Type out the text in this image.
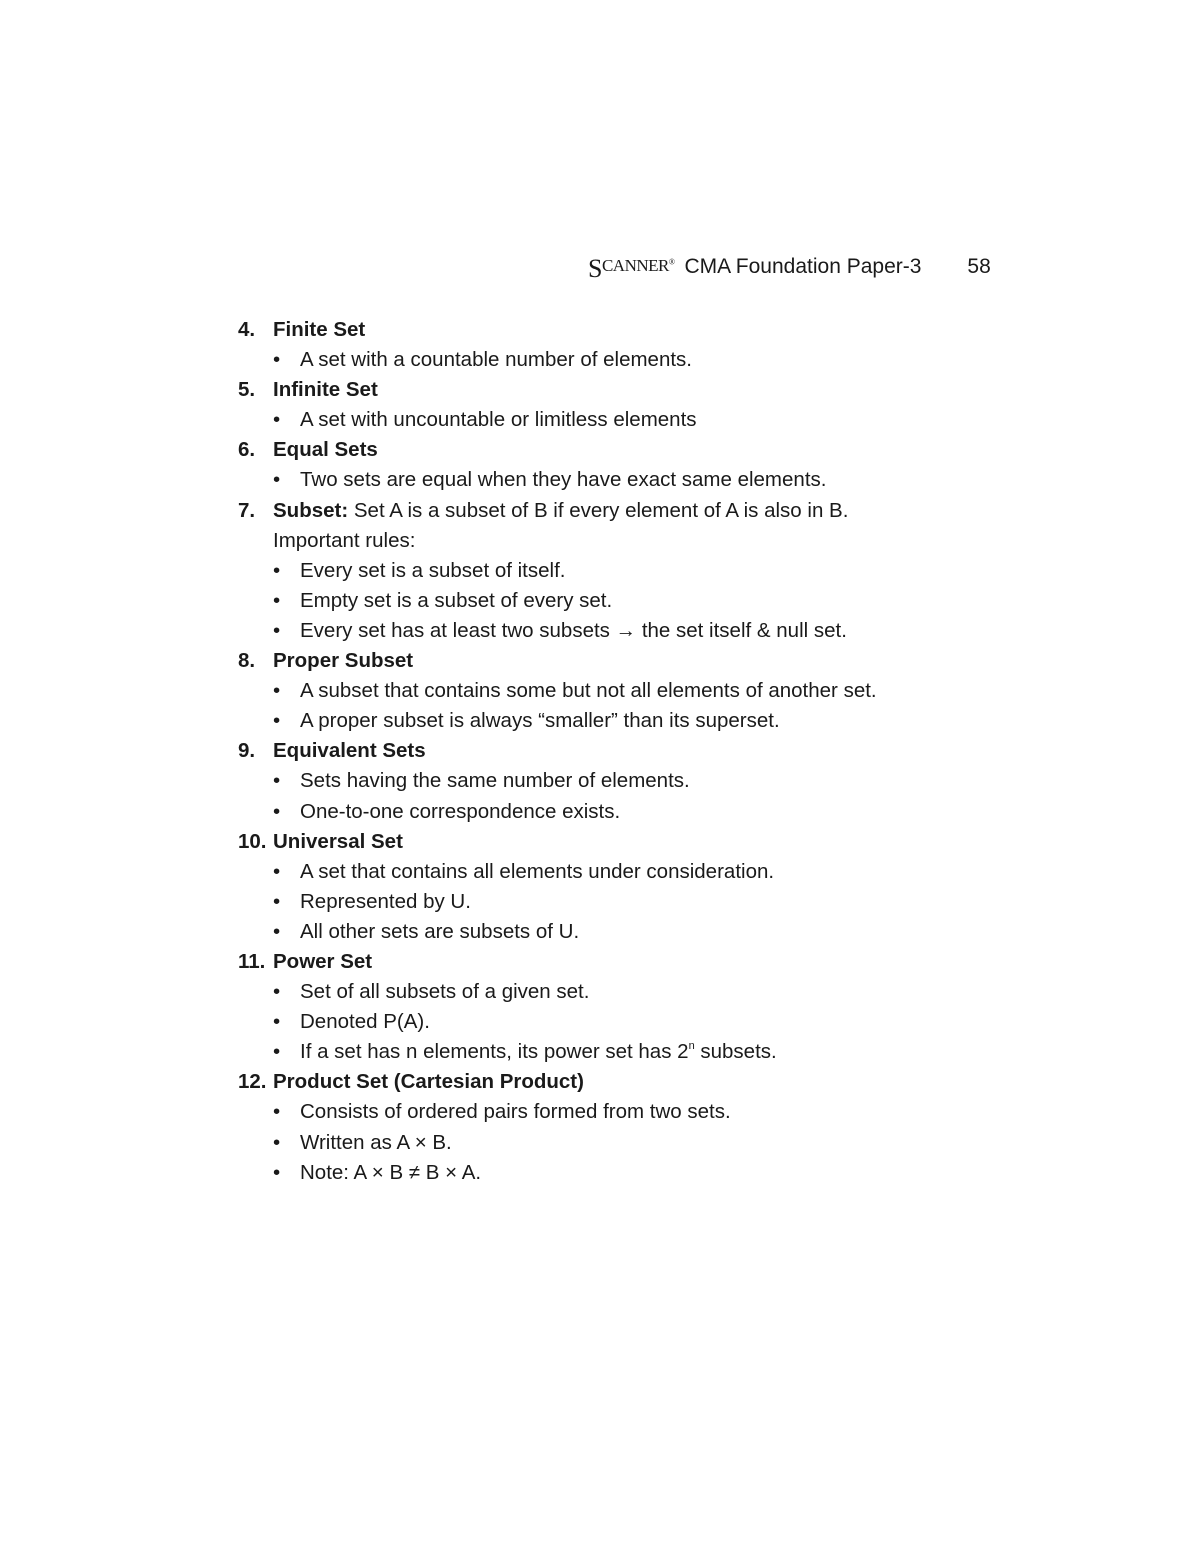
SCANNER® CMA Foundation Paper-3 58
4. Finite Set
• A set with a countable number of elements.
5. Infinite Set
• A set with uncountable or limitless elements
6. Equal Sets
• Two sets are equal when they have exact same elements.
7. Subset: Set A is a subset of B if every element of A is also in B.
Important rules:
• Every set is a subset of itself.
• Empty set is a subset of every set.
• Every set has at least two subsets → the set itself & null set.
8. Proper Subset
• A subset that contains some but not all elements of another set.
• A proper subset is always “smaller” than its superset.
9. Equivalent Sets
• Sets having the same number of elements.
• One-to-one correspondence exists.
10. Universal Set
• A set that contains all elements under consideration.
• Represented by U.
• All other sets are subsets of U.
11. Power Set
• Set of all subsets of a given set.
• Denoted P(A).
• If a set has n elements, its power set has 2$^n$ subsets.
12. Product Set (Cartesian Product)
• Consists of ordered pairs formed from two sets.
• Written as A × B.
• Note: A × B ≠ B × A.
